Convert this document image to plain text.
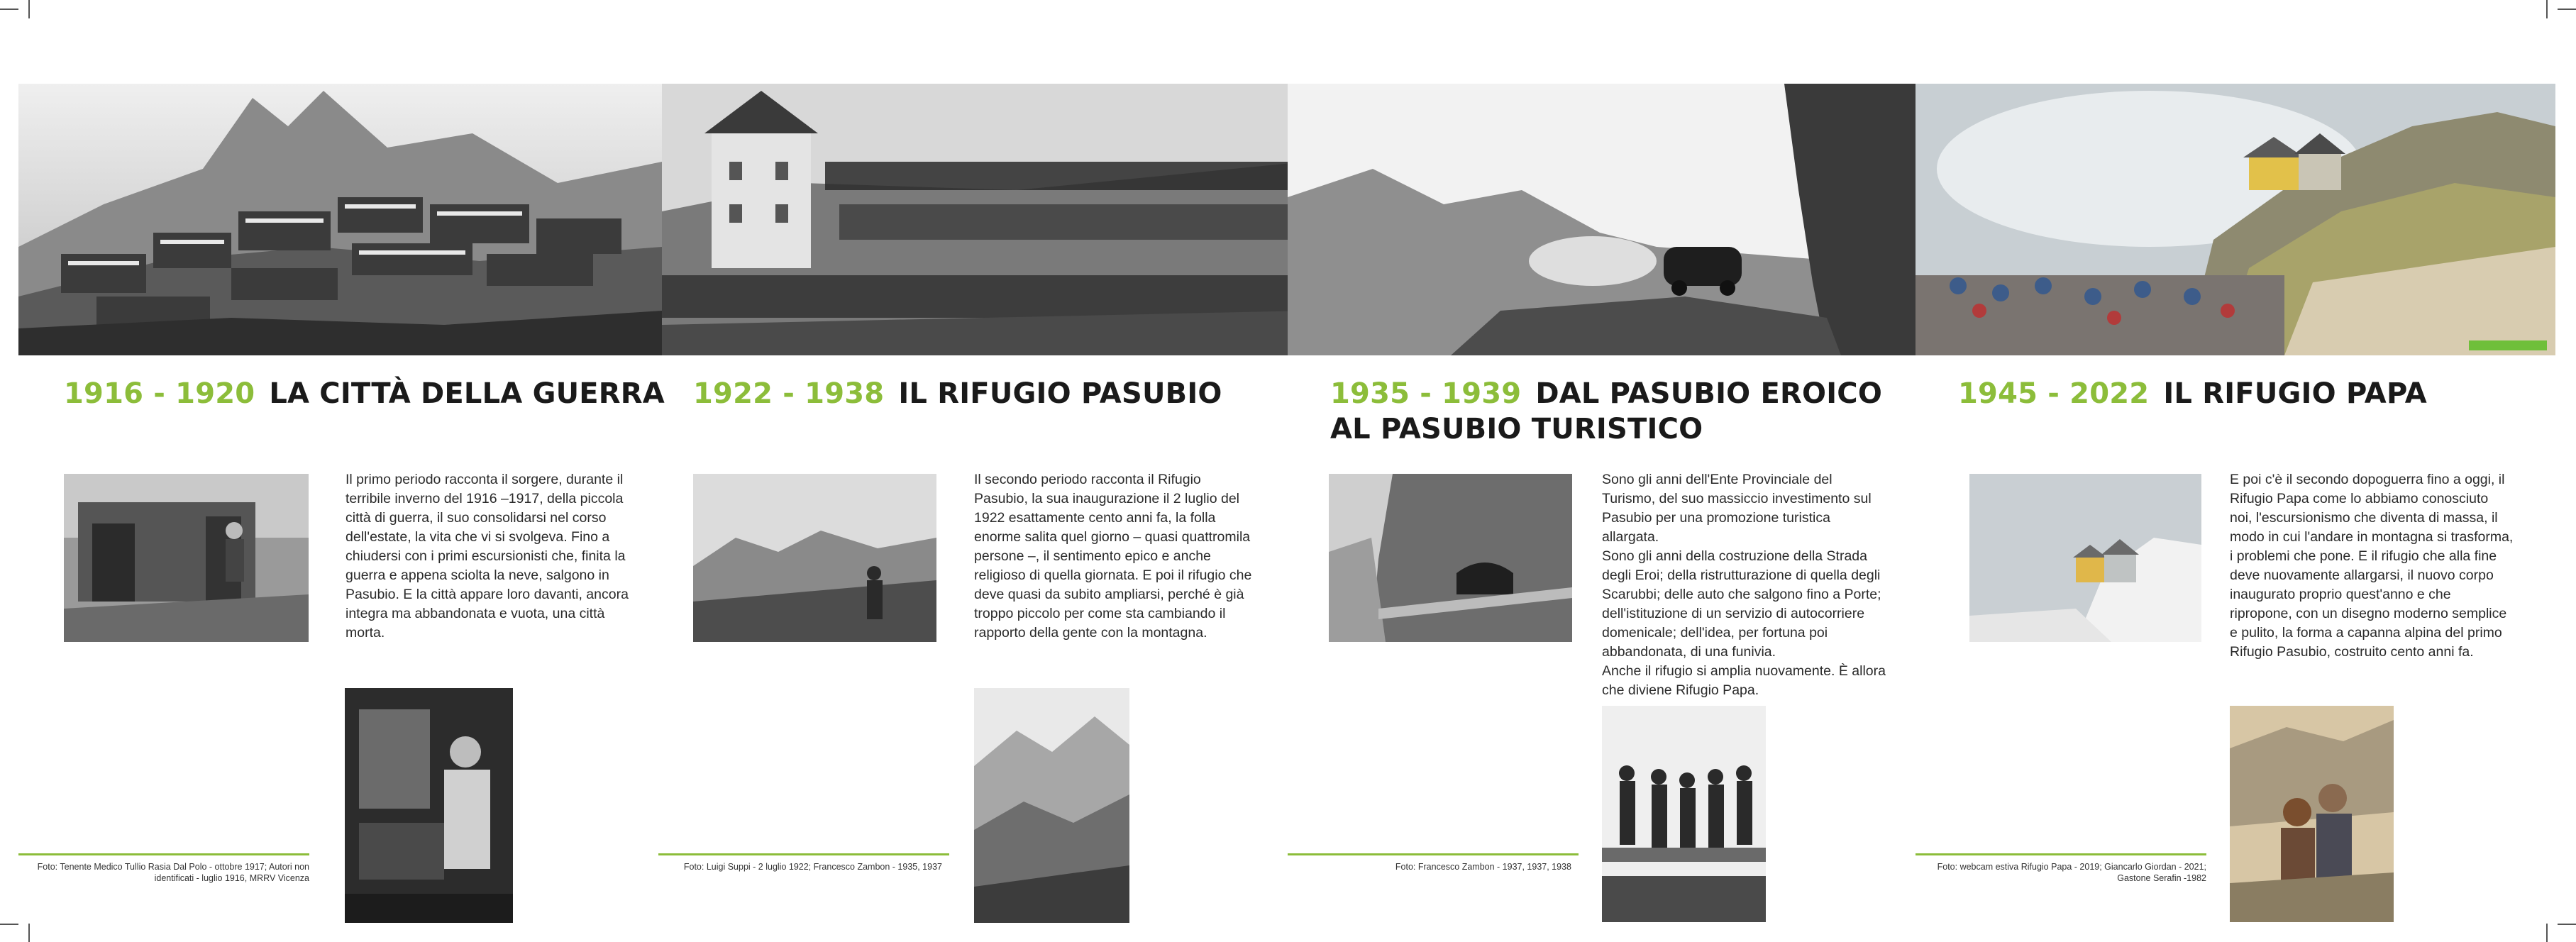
1916 - 1920 LA CITTÀ DELLA GUERRA

Il primo periodo racconta il sorgere, durante il terribile inverno del 1916 –1917, della piccola città di guerra, il suo consolidarsi nel corso dell'estate, la vita che vi si svolgeva. Fino a chiudersi con i primi escursionisti che, finita la guerra e appena sciolta la neve, salgono in Pasubio. E la città appare loro davanti, ancora integra ma abbandonata e vuota, una città morta.

Foto: Tenente Medico Tullio Rasia Dal Polo - ottobre 1917; Autori non identificati - luglio 1916, MRRV Vicenza
1922 - 1938 IL RIFUGIO PASUBIO

Il secondo periodo racconta il Rifugio Pasubio, la sua inaugurazione il 2 luglio del 1922 esattamente cento anni fa, la folla enorme salita quel giorno – quasi quattromila persone –, il sentimento epico e anche religioso di quella giornata. E poi il rifugio che deve quasi da subito ampliarsi, perché è già troppo piccolo per come sta cambiando il rapporto della gente con la montagna.

Foto: Luigi Suppi - 2 luglio 1922; Francesco Zambon - 1935, 1937
1935 - 1939 DAL PASUBIO EROICO
AL PASUBIO TURISTICO

Sono gli anni dell'Ente Provinciale del Turismo, del suo massiccio investimento sul Pasubio per una promozione turistica allargata.

Sono gli anni della costruzione della Strada degli Eroi; della ristrutturazione di quella degli Scarubbi; delle auto che salgono fino a Porte; dell'istituzione di un servizio di autocorriere domenicale; dell'idea, per fortuna poi abbandonata, di una funivia.

Anche il rifugio si amplia nuovamente. È allora che diviene Rifugio Papa.

Foto: Francesco Zambon - 1937, 1937, 1938
1945 - 2022 IL RIFUGIO PAPA

E poi c'è il secondo dopoguerra fino a oggi, il Rifugio Papa come lo abbiamo conosciuto noi, l'escursionismo che diventa di massa, il modo in cui l'andare in montagna si trasforma, i problemi che pone. E il rifugio che alla fine deve nuovamente allargarsi, il nuovo corpo inaugurato proprio quest'anno e che ripropone, con un disegno moderno semplice e pulito, la forma a capanna alpina del primo Rifugio Pasubio, costruito cento anni fa.

Foto: webcam estiva Rifugio Papa - 2019; Giancarlo Giordan - 2021; Gastone Serafin -1982
